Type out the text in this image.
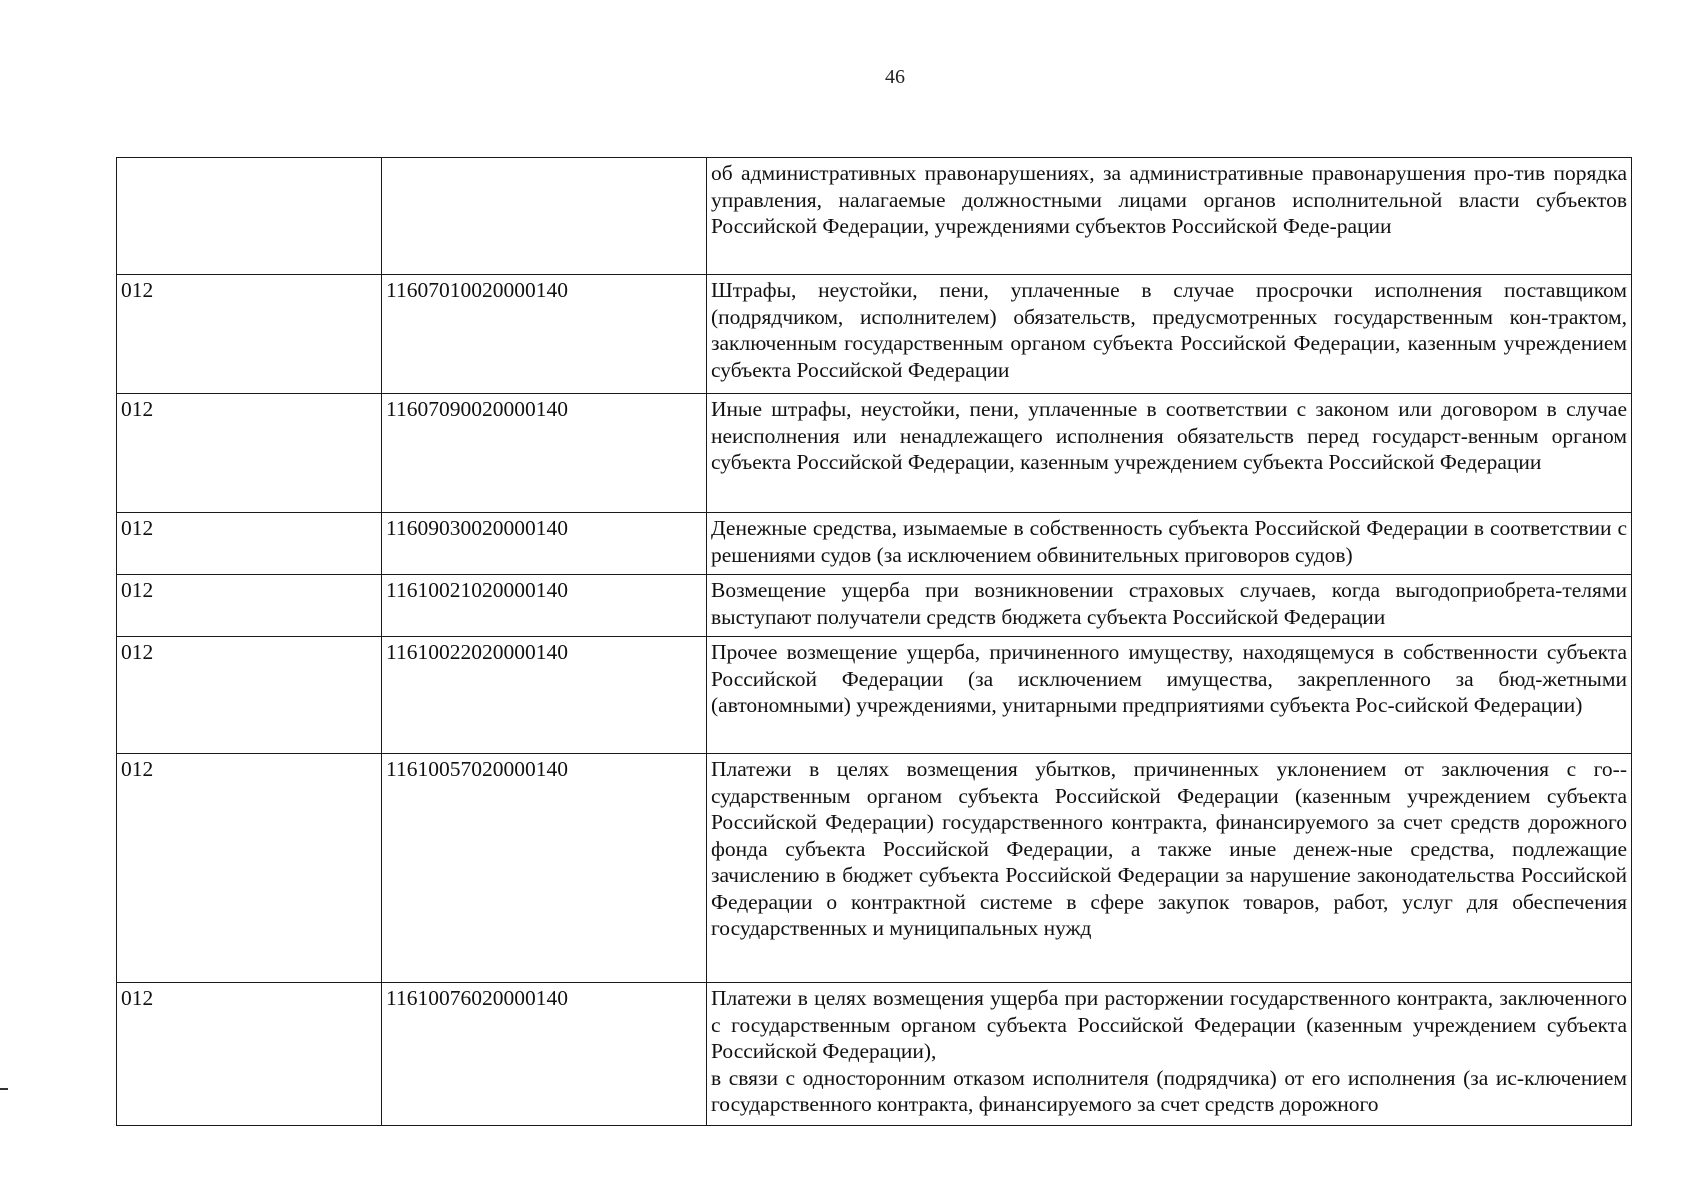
46
		об административных правонарушениях, за административные правонарушения про-тив порядка управления, налагаемые должностными лицами органов исполнительной власти субъектов Российской Федерации, учреждениями субъектов Российской Феде-рации
012	11607010020000140	Штрафы, неустойки, пени, уплаченные в случае просрочки исполнения поставщиком (подрядчиком, исполнителем) обязательств, предусмотренных государственным кон-трактом, заключенным государственным органом субъекта Российской Федерации, казенным учреждением субъекта Российской Федерации
012	11607090020000140	Иные штрафы, неустойки, пени, уплаченные в соответствии с законом или договором в случае неисполнения или ненадлежащего исполнения обязательств перед государст-венным органом субъекта Российской Федерации, казенным учреждением субъекта Российской Федерации
012	11609030020000140	Денежные средства, изымаемые в собственность субъекта Российской Федерации в соответствии с решениями судов (за исключением обвинительных приговоров судов)
012	11610021020000140	Возмещение ущерба при возникновении страховых случаев, когда выгодоприобрета-телями выступают получатели средств бюджета субъекта Российской Федерации
012	11610022020000140	Прочее возмещение ущерба, причиненного имуществу, находящемуся в собственности субъекта Российской Федерации (за исключением имущества, закрепленного за бюд-жетными (автономными) учреждениями, унитарными предприятиями субъекта Рос-сийской Федерации)
012	11610057020000140	Платежи в целях возмещения убытков, причиненных уклонением от заключения с го-сударственным органом субъекта Российской Федерации (казенным учреждением субъекта Российской Федерации) государственного контракта, финансируемого за счет средств дорожного фонда субъекта Российской Федерации, а также иные денеж-ные средства, подлежащие зачислению в бюджет субъекта Российской Федерации за нарушение законодательства Российской Федерации о контрактной системе в сфере закупок товаров, работ, услуг для обеспечения государственных и муниципальных нужд
012	11610076020000140	Платежи в целях возмещения ущерба при расторжении государственного контракта, заключенного с государственным органом субъекта Российской Федерации (казенным учреждением субъекта Российской Федерации),
в связи с односторонним отказом исполнителя (подрядчика) от его исполнения (за ис-ключением государственного контракта, финансируемого за счет средств дорожного
